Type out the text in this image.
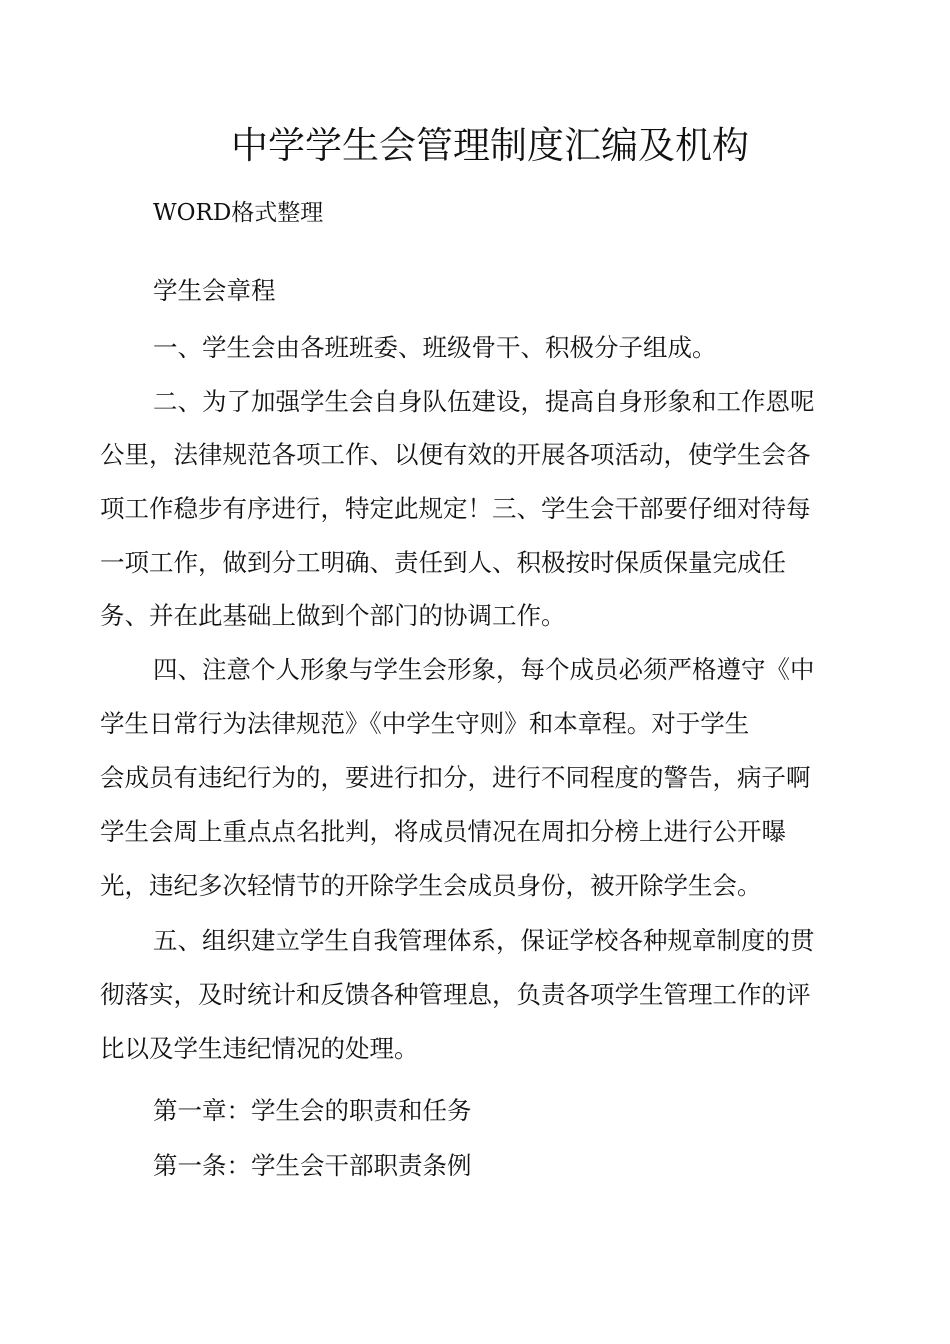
中学学生会管理制度汇编及机构
WORD格式整理
学生会章程
一、学生会由各班班委、班级骨干、积极分子组成。
二、为了加强学生会自身队伍建设，提高自身形象和工作恩呢
公里，法律规范各项工作、以便有效的开展各项活动，使学生会各
项工作稳步有序进行，特定此规定！三、学生会干部要仔细对待每
一项工作，做到分工明确、责任到人、积极按时保质保量完成任
务、并在此基础上做到个部门的协调工作。
四、注意个人形象与学生会形象，每个成员必须严格遵守《中
学生日常行为法律规范》《中学生守则》和本章程。对于学生
会成员有违纪行为的，要进行扣分，进行不同程度的警告，病子啊
学生会周上重点点名批判，将成员情况在周扣分榜上进行公开曝
光，违纪多次轻情节的开除学生会成员身份，被开除学生会。
五、组织建立学生自我管理体系，保证学校各种规章制度的贯
彻落实，及时统计和反馈各种管理息，负责各项学生管理工作的评
比以及学生违纪情况的处理。
第一章：学生会的职责和任务
第一条：学生会干部职责条例
